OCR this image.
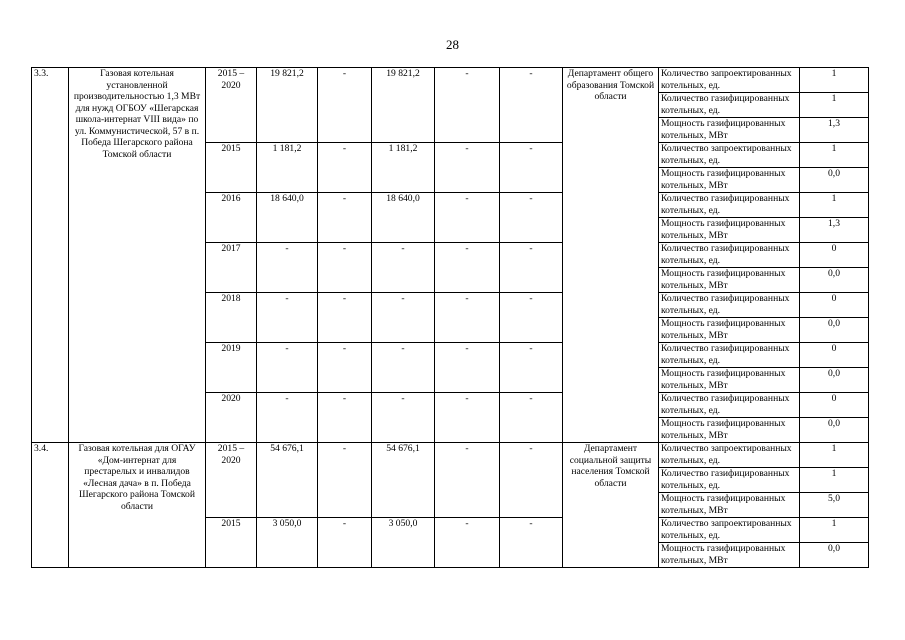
28
3.3.	Газовая котельная установленной производительностью 1,3 МВт для нужд ОГБОУ «Шегарская школа-интернат VIII вида» по ул. Коммунистической, 57 в п. Победа Шегарского района Томской области	2015 – 2020	19 821,2	-	19 821,2	-	-	Департамент общего образования Томской области	Количество запроектированных котельных, ед.	1
									Количество газифицированных котельных, ед.	1
									Мощность газифицированных котельных, МВт	1,3
		2015	1 181,2	-	1 181,2	-	-		Количество запроектированных котельных, ед.	1
									Мощность газифицированных котельных, МВт	0,0
		2016	18 640,0	-	18 640,0	-	-		Количество газифицированных котельных, ед.	1
									Мощность газифицированных котельных, МВт	1,3
		2017	-	-	-	-	-		Количество газифицированных котельных, ед.	0
									Мощность газифицированных котельных, МВт	0,0
		2018	-	-	-	-	-		Количество газифицированных котельных, ед.	0
									Мощность газифицированных котельных, МВт	0,0
		2019	-	-	-	-	-		Количество газифицированных котельных, ед.	0
									Мощность газифицированных котельных, МВт	0,0
		2020	-	-	-	-	-		Количество газифицированных котельных, ед.	0
									Мощность газифицированных котельных, МВт	0,0
3.4.	Газовая котельная для ОГАУ «Дом-интернат для престарелых и инвалидов «Лесная дача» в п. Победа Шегарского района Томской области	2015 – 2020	54 676,1	-	54 676,1	-	-	Департамент социальной защиты населения Томской области	Количество запроектированных котельных, ед.	1
									Количество газифицированных котельных, ед.	1
									Мощность газифицированных котельных, МВт	5,0
		2015	3 050,0	-	3 050,0	-	-		Количество запроектированных котельных, ед.	1
									Мощность газифицированных котельных, МВт	0,0
